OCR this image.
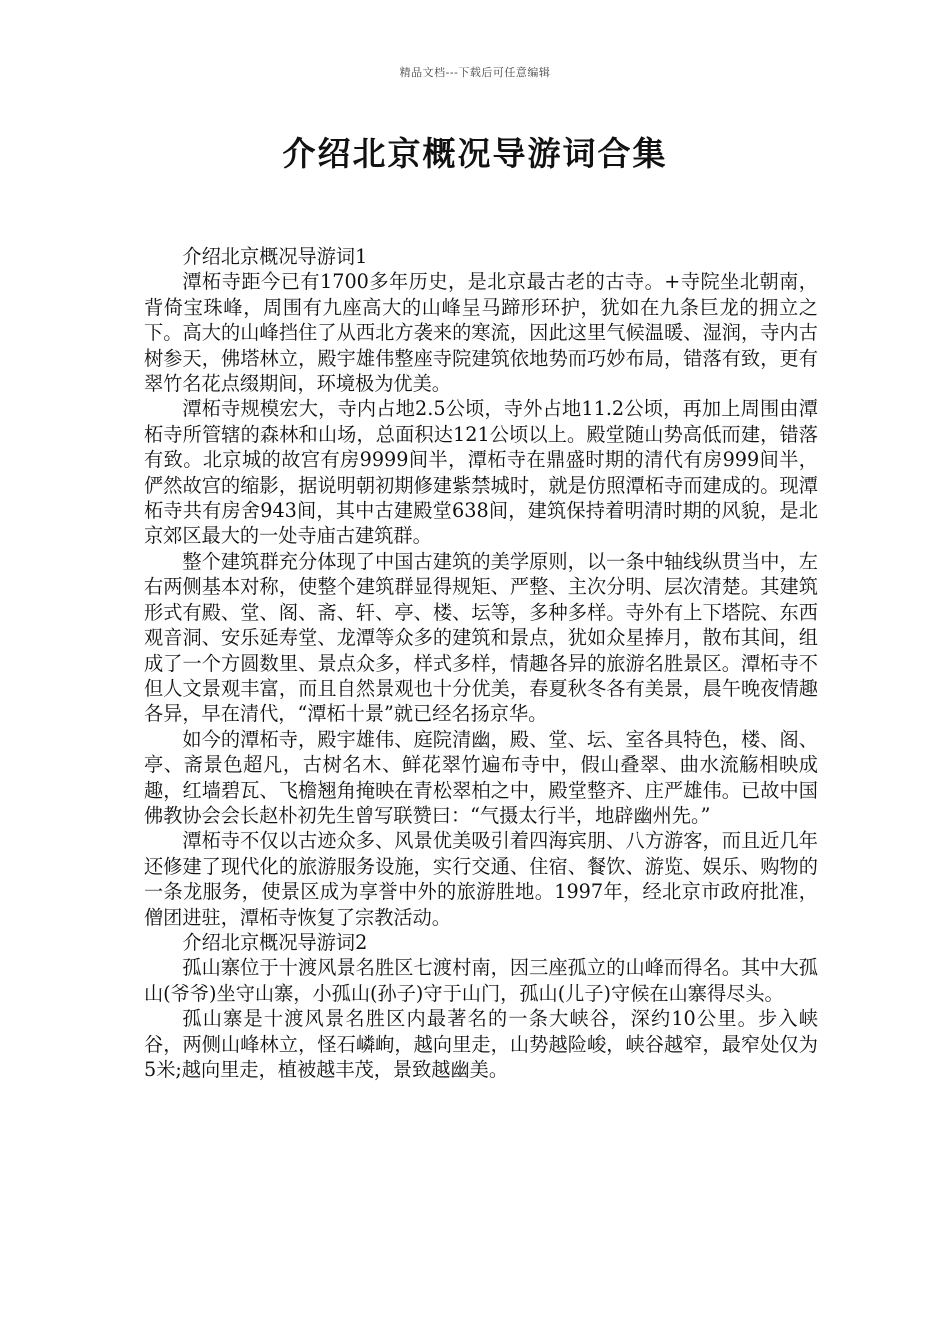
精品文档---下载后可任意编辑
介绍北京概况导游词合集

介绍北京概况导游词1

潭柘寺距今已有1700多年历史，是北京最古老的古寺。+寺院坐北朝南，背倚宝珠峰，周围有九座高大的山峰呈马蹄形环护，犹如在九条巨龙的拥立之下。高大的山峰挡住了从西北方袭来的寒流，因此这里气候温暖、湿润，寺内古树参天，佛塔林立，殿宇雄伟整座寺院建筑依地势而巧妙布局，错落有致，更有翠竹名花点缀期间，环境极为优美。

潭柘寺规模宏大，寺内占地2.5公顷，寺外占地11.2公顷，再加上周围由潭柘寺所管辖的森林和山场，总面积达121公顷以上。殿堂随山势高低而建，错落有致。北京城的故宫有房9999间半，潭柘寺在鼎盛时期的清代有房999间半，俨然故宫的缩影，据说明朝初期修建紫禁城时，就是仿照潭柘寺而建成的。现潭柘寺共有房舍943间，其中古建殿堂638间，建筑保持着明清时期的风貌，是北京郊区最大的一处寺庙古建筑群。

整个建筑群充分体现了中国古建筑的美学原则，以一条中轴线纵贯当中，左右两侧基本对称，使整个建筑群显得规矩、严整、主次分明、层次清楚。其建筑形式有殿、堂、阁、斋、轩、亭、楼、坛等，多种多样。寺外有上下塔院、东西观音洞、安乐延寿堂、龙潭等众多的建筑和景点，犹如众星捧月，散布其间，组成了一个方圆数里、景点众多，样式多样，情趣各异的旅游名胜景区。潭柘寺不但人文景观丰富，而且自然景观也十分优美，春夏秋冬各有美景，晨午晚夜情趣各异，早在清代，“潭柘十景”就已经名扬京华。

如今的潭柘寺，殿宇雄伟、庭院清幽，殿、堂、坛、室各具特色，楼、阁、亭、斋景色超凡，古树名木、鲜花翠竹遍布寺中，假山叠翠、曲水流觞相映成趣，红墙碧瓦、飞檐翘角掩映在青松翠柏之中，殿堂整齐、庄严雄伟。已故中国佛教协会会长赵朴初先生曾写联赞曰：“气摄太行半，地辟幽州先。”

潭柘寺不仅以古迹众多、风景优美吸引着四海宾朋、八方游客，而且近几年还修建了现代化的旅游服务设施，实行交通、住宿、餐饮、游览、娱乐、购物的一条龙服务，使景区成为享誉中外的旅游胜地。1997年，经北京市政府批准，僧团进驻，潭柘寺恢复了宗教活动。

介绍北京概况导游词2

孤山寨位于十渡风景名胜区七渡村南，因三座孤立的山峰而得名。其中大孤山(爷爷)坐守山寨，小孤山(孙子)守于山门，孤山(儿子)守候在山寨得尽头。

孤山寨是十渡风景名胜区内最著名的一条大峡谷，深约10公里。步入峡谷，两侧山峰林立，怪石嶙峋，越向里走，山势越险峻，峡谷越窄，最窄处仅为5米;越向里走，植被越丰茂，景致越幽美。
